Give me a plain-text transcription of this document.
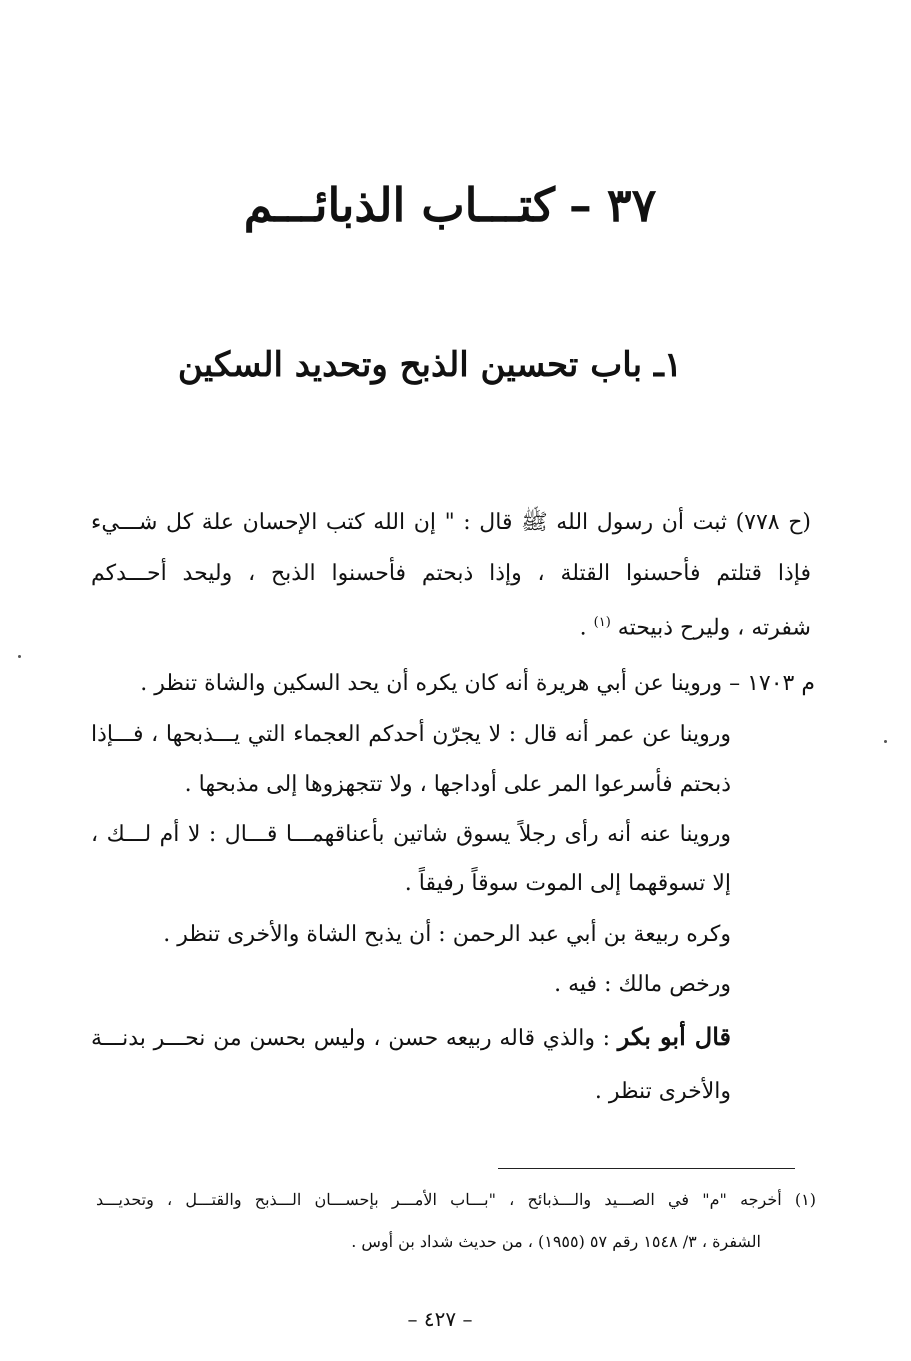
٣٧–كتـــاب الذبائـــم
١ـ باب تحسين الذبح وتحديد السكين
(ح ٧٧٨) ثبت أن رسول الله ﷺ قال : " إن الله كتب الإحسان علة كل شـــيء
فإذا قتلتم فأحسنوا القتلة ، وإذا ذبحتم فأحسنوا الذبح ، وليحد أحـــدكم
شفرته ، وليرح ذبيحته $^{(١)}$ .
م ١٧٠٣ – وروينا عن أبي هريرة أنه كان يكره أن يحد السكين والشاة تنظر .
وروينا عن عمر أنه قال : لا يجرّن أحدكم العجماء التي يـــذبحها ، فـــإذا
ذبحتم فأسرعوا المر على أوداجها ، ولا تتجهزوها إلى مذبحها .
وروينا عنه أنه رأى رجلاً يسوق شاتين بأعناقهمـــا قـــال : لا أم لـــك ،
إلا تسوقهما إلى الموت سوقاً رفيقاً .
وكره ربيعة بن أبي عبد الرحمن : أن يذبح الشاة والأخرى تنظر .
ورخص مالك : فيه .
قال أبو بكر : والذي قاله ربيعه حسن ، وليس بحسن من نحـــر بدنـــة
والأخرى تنظر .
(١) أخرجه "م" في الصـــيد والـــذبائح ، "بـــاب الأمـــر بإحســـان الـــذبح والقتـــل ، وتحديـــد
الشفرة ، ٣/ ١٥٤٨ رقم ٥٧ (١٩٥٥) ، من حديث شداد بن أوس .
– ٤٢٧ –
